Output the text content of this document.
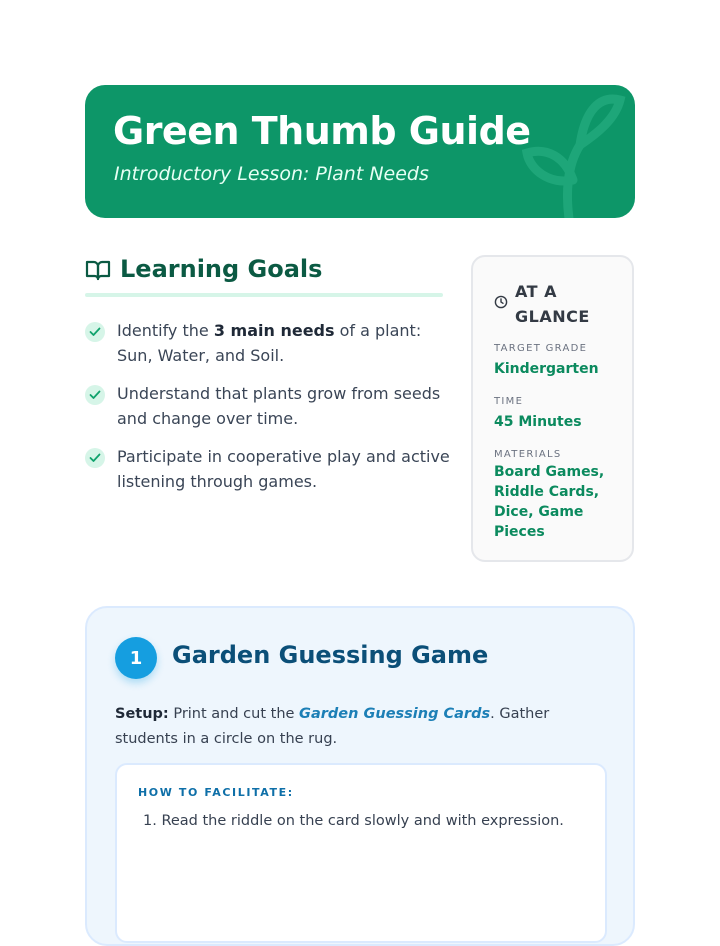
Green Thumb Guide
Introductory Lesson: Plant Needs
Learning Goals
Identify the 3 main needs of a plant: Sun, Water, and Soil.
Understand that plants grow from seeds and change over time.
Participate in cooperative play and active listening through games.
AT A GLANCE
TARGET GRADE
Kindergarten
TIME
45 Minutes
MATERIALS
Board Games, Riddle Cards, Dice, Game Pieces
1	Garden Guessing Game
Setup: Print and cut the Garden Guessing Cards. Gather students in a circle on the rug.
HOW TO FACILITATE:
1. Read the riddle on the card slowly and with expression.
